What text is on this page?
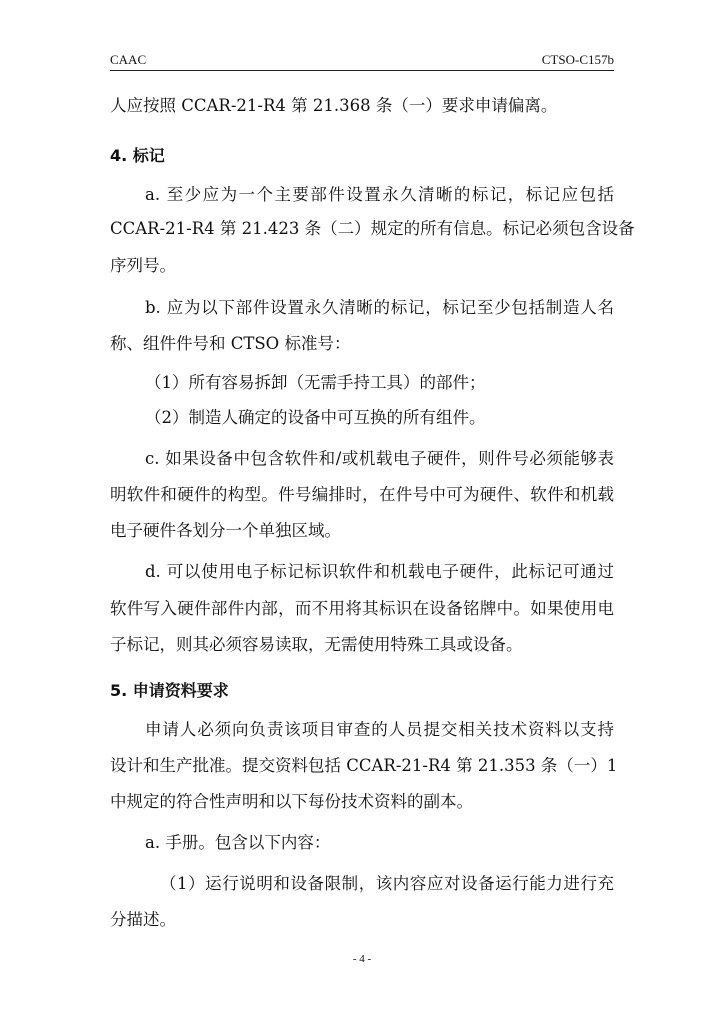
CAAC	CTSO-C157b
人应按照 CCAR-21-R4 第 21.368 条（一）要求申请偏离。
4. 标记
a. 至少应为一个主要部件设置永久清晰的标记，标记应包括
CCAR-21-R4 第 21.423 条（二）规定的所有信息。标记必须包含设备
序列号。
b. 应为以下部件设置永久清晰的标记，标记至少包括制造人名
称、组件件号和 CTSO 标准号：
（1）所有容易拆卸（无需手持工具）的部件；
（2）制造人确定的设备中可互换的所有组件。
c. 如果设备中包含软件和/或机载电子硬件，则件号必须能够表
明软件和硬件的构型。件号编排时，在件号中可为硬件、软件和机载
电子硬件各划分一个单独区域。
d. 可以使用电子标记标识软件和机载电子硬件，此标记可通过
软件写入硬件部件内部，而不用将其标识在设备铭牌中。如果使用电
子标记，则其必须容易读取，无需使用特殊工具或设备。
5. 申请资料要求
申请人必须向负责该项目审查的人员提交相关技术资料以支持
设计和生产批准。提交资料包括 CCAR-21-R4 第 21.353 条（一）1
中规定的符合性声明和以下每份技术资料的副本。
a. 手册。包含以下内容：
（1）运行说明和设备限制，该内容应对设备运行能力进行充
分描述。
- 4 -
